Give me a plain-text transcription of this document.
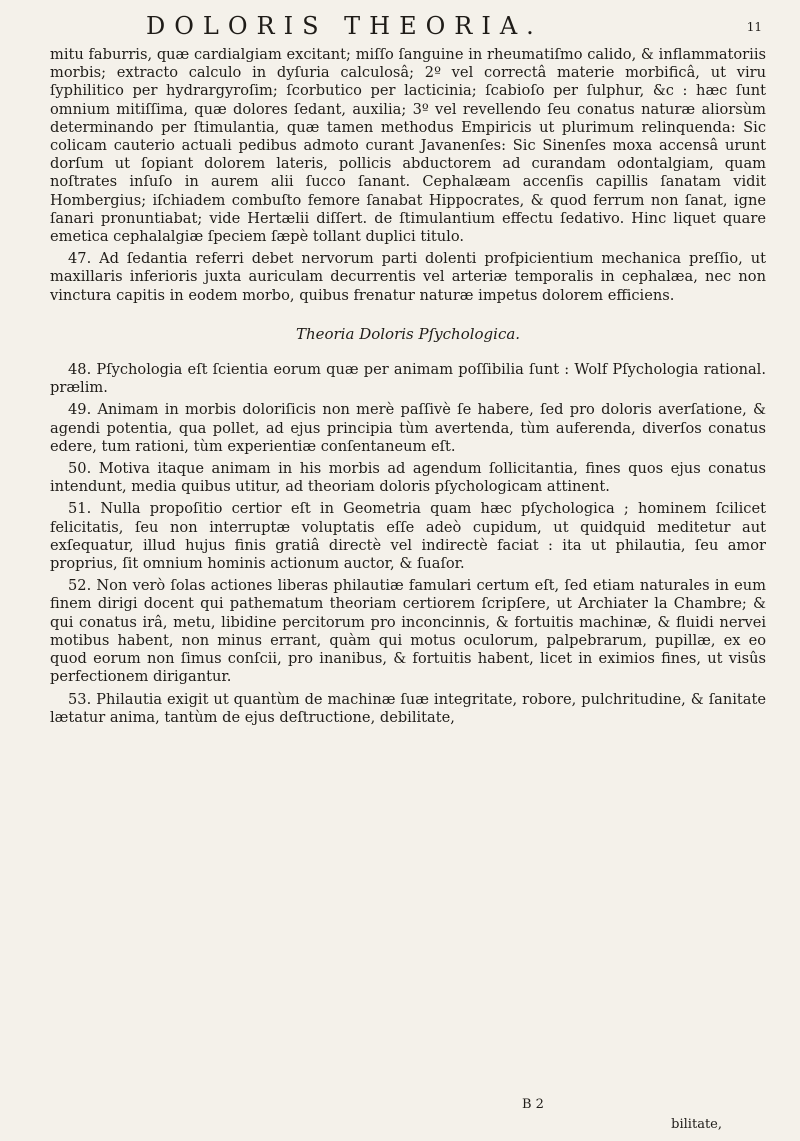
DOLORIS THEORIA.	11

mitu faburris, quæ cardialgiam excitant; miſſo ſanguine in rheumatiſmo calido, & inflammatoriis morbis; extracto calculo in dyſuria calculosâ; 2º vel correctâ materie morbificâ, ut viru ſyphilitico per hydrargyroſim; ſcorbutico per lacticinia; ſcabioſo per ſulphur, &c : hæc ſunt omnium mitiſſima, quæ dolores ſedant, auxilia; 3º vel revellendo ſeu conatus naturæ aliorsùm determinando per ſtimulantia, quæ tamen methodus Empiricis ut plurimum relinquenda: Sic colicam cauterio actuali pedibus admoto curant Javanenſes: Sic Sinenſes moxa accensâ urunt dorſum ut ſopiant dolorem lateris, pollicis abductorem ad curandam odontalgiam, quam noſtrates inſuſo in aurem alii ſucco ſanant. Cephalæam accenſis capillis ſanatam vidit Hombergius; iſchiadem combuſto femore ſanabat Hippocrates, & quod ferrum non ſanat, igne ſanari pronuntiabat; vide Hertælii diſſert. de ſtimulantium effectu ſedativo. Hinc liquet quare emetica cephalalgiæ ſpeciem ſæpè tollant duplici titulo.

47. Ad ſedantia referri debet nervorum parti dolenti profpicientium mechanica preſſio, ut maxillaris inferioris juxta auriculam decurrentis vel arteriæ temporalis in cephalæa, nec non vinctura capitis in eodem morbo, quibus frenatur naturæ impetus dolorem efficiens.

Theoria Doloris Pſychologica.

48. Pſychologia eſt ſcientia eorum quæ per animam poſſibilia ſunt : Wolf Pſychologia rational. prælim.

49. Animam in morbis doloriſicis non merè paſſivè ſe habere, ſed pro doloris averſatione, & agendi potentia, qua pollet, ad ejus principia tùm avertenda, tùm auferenda, diverſos conatus edere, tum rationi, tùm experientiæ conſentaneum eſt.

50. Motiva itaque animam in his morbis ad agendum ſollicitantia, fines quos ejus conatus intendunt, media quibus utitur, ad theoriam doloris pſychologicam attinent.

51. Nulla propoſitio certior eſt in Geometria quam hæc pſychologica ; hominem ſcilicet felicitatis, ſeu non interruptæ voluptatis eſſe adeò cupidum, ut quidquid meditetur aut exſequatur, illud hujus finis gratiâ directè vel indirectè faciat : ita ut philautia, ſeu amor proprius, ſit omnium hominis actionum auctor, & ſuaſor.

52. Non verò ſolas actiones liberas philautiæ famulari certum eſt, ſed etiam naturales in eum finem dirigi docent qui pathematum theoriam certiorem ſcripſere, ut Archiater la Chambre; & qui conatus irâ, metu, libidine percitorum pro inconcinnis, & fortuitis machinæ, & fluidi nervei motibus habent, non minus errant, quàm qui motus oculorum, palpebrarum, pupillæ, ex eo quod eorum non ſimus conſcii, pro inanibus, & fortuitis habent, licet in eximios fines, ut visûs perfectionem dirigantur.

53. Philautia exigit ut quantùm de machinæ ſuæ integritate, robore, pulchritudine, & ſanitate lætatur anima, tantùm de ejus deſtructione, debilitate,

B 2
bilitate,
